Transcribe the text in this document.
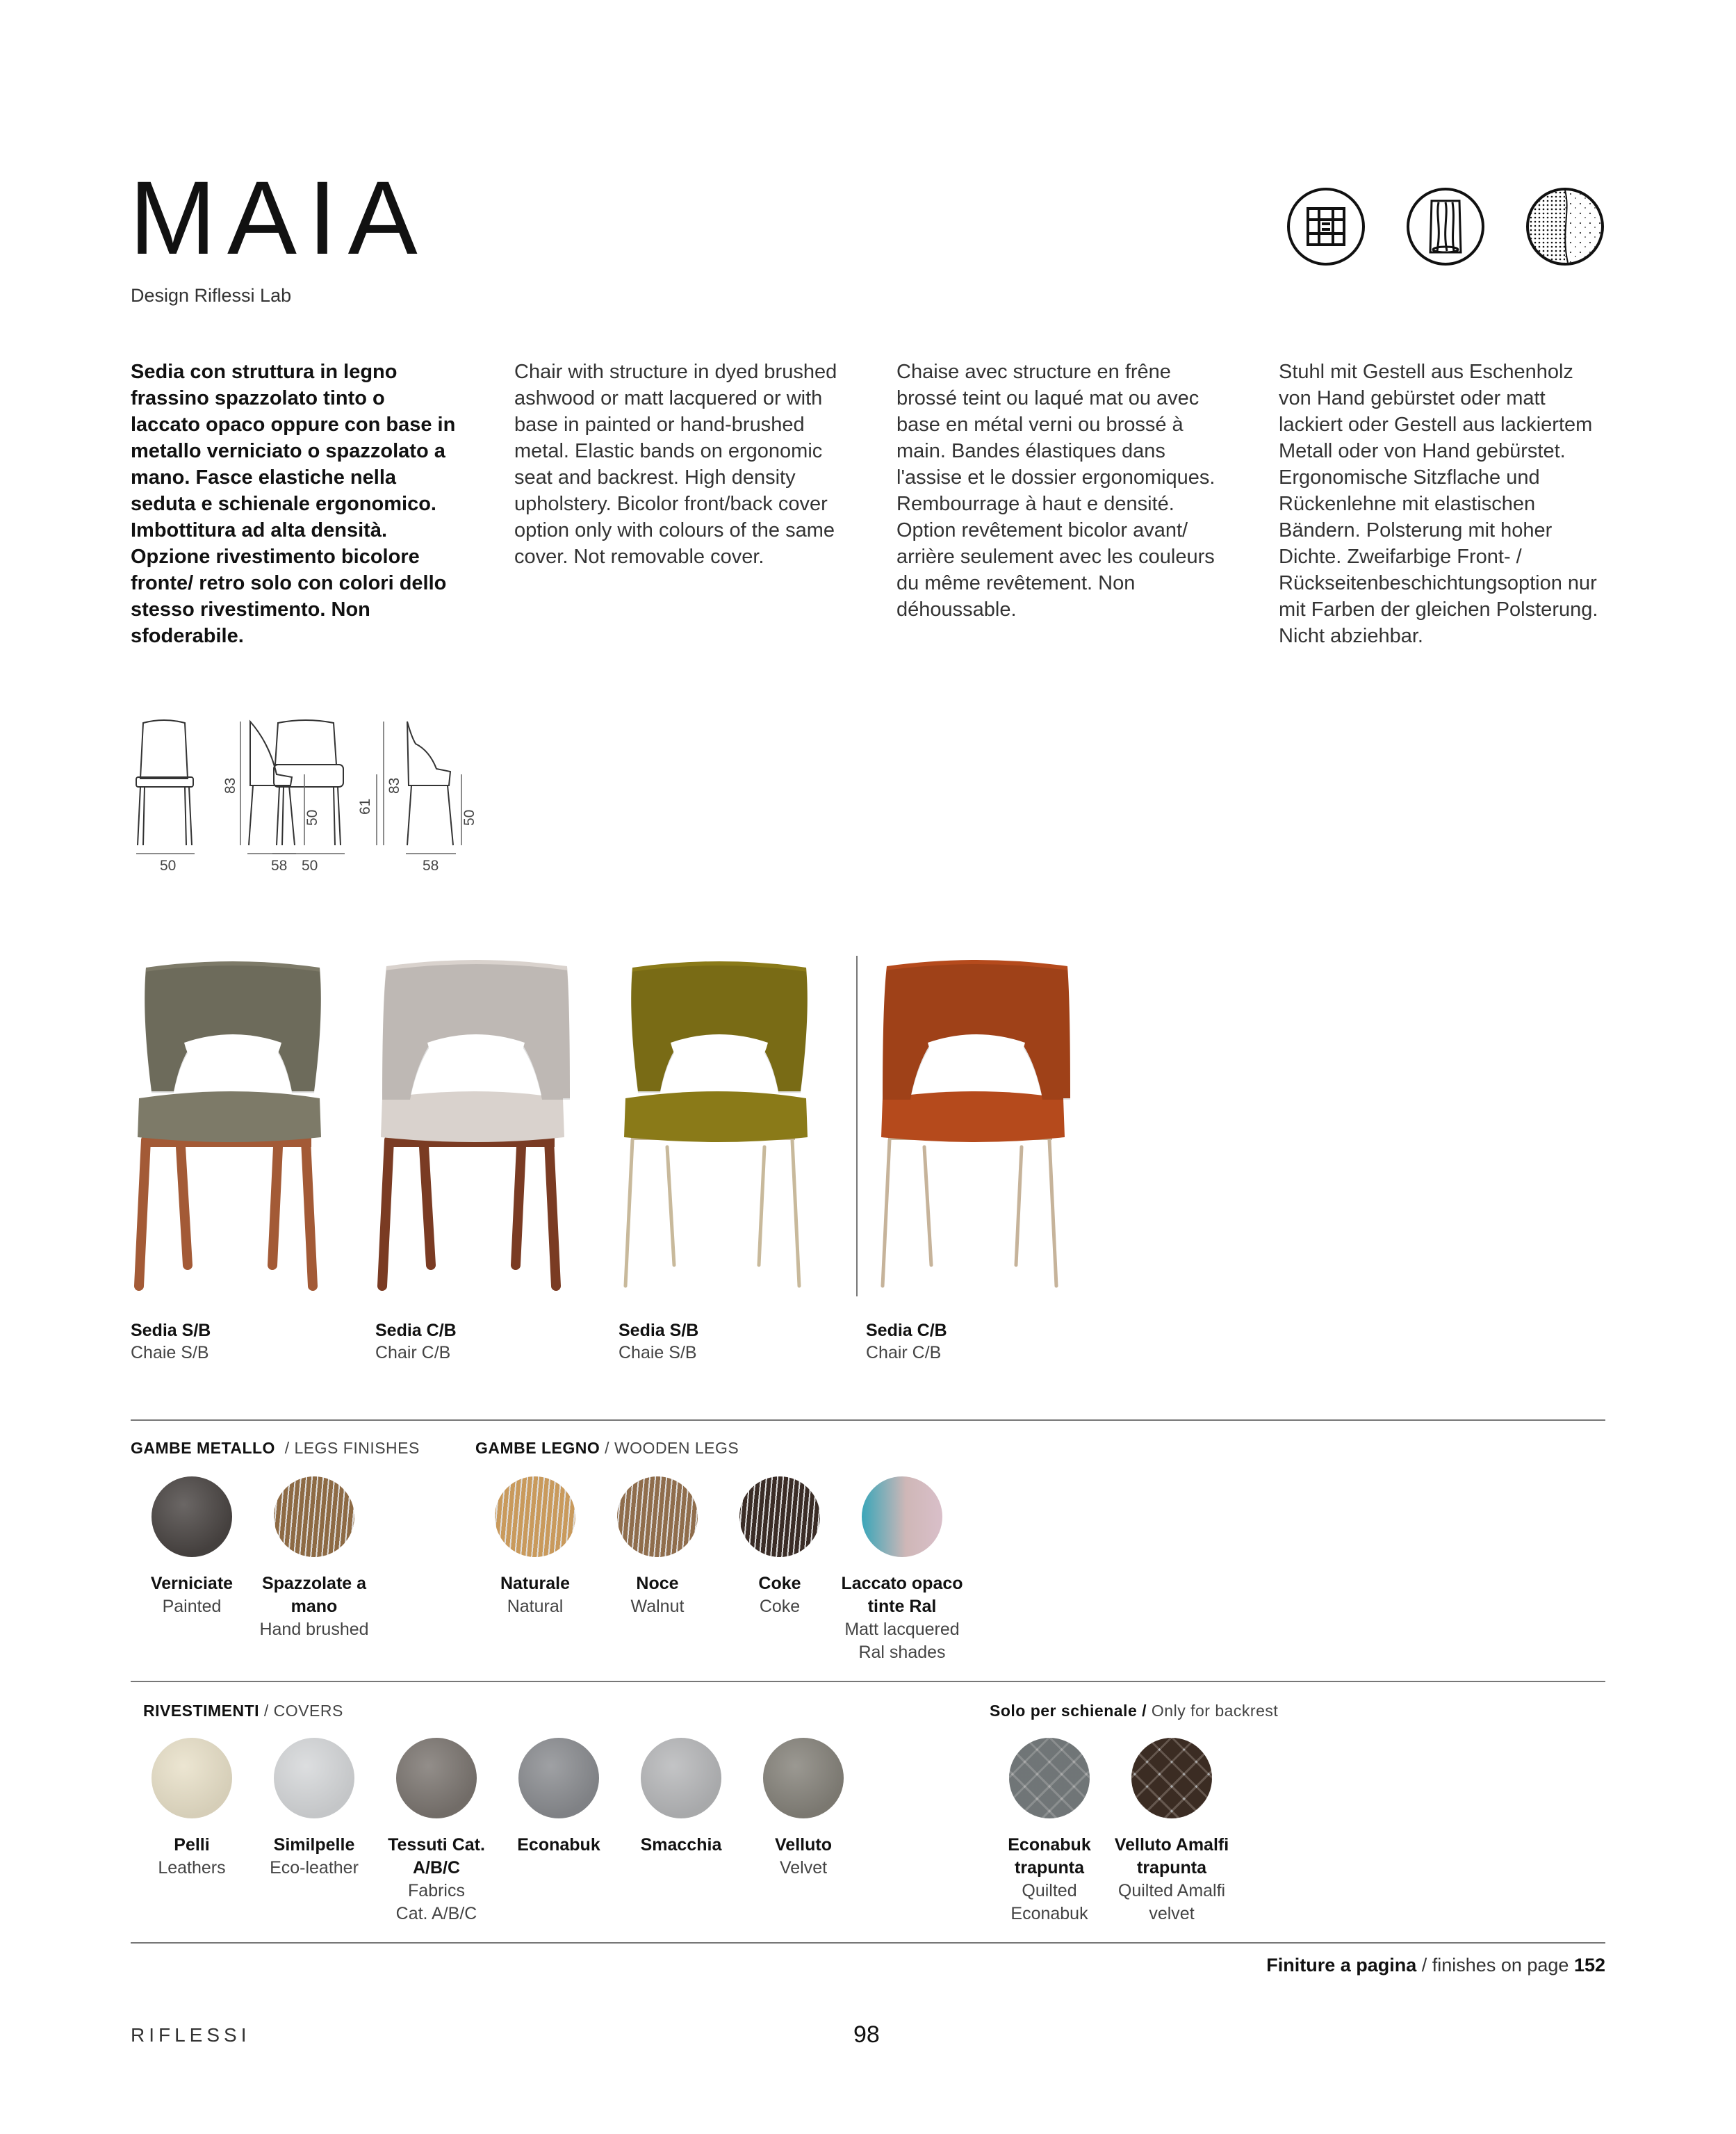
MAIA
Design Riflessi Lab
Sedia con struttura in legno frassino spazzolato tinto o laccato opaco oppure con base in metallo verniciato o spazzolato a mano. Fasce elastiche nella seduta e schienale ergonomico. Imbottitura ad alta densità. Opzione rivestimento bicolore fronte/ retro solo con colori dello stesso rivestimento. Non sfoderabile.
Chair with structure in dyed brushed ashwood or matt lacquered or with base in painted or hand-brushed metal. Elastic bands on ergonomic seat and backrest. High density upholstery. Bicolor front/back cover option only with colours of the same cover. Not removable cover.
Chaise avec structure en frêne brossé teint ou laqué mat ou avec base en métal verni ou brossé à main. Bandes élastiques dans l'assise et le dossier ergonomiques. Rembourrage à haut e densité. Option revêtement bicolor avant/ arrière seulement avec les couleurs du même revêtement. Non déhoussable.
Stuhl mit Gestell aus Eschenholz von Hand gebürstet oder matt lackiert oder Gestell aus lackiertem Metall oder von Hand gebürstet. Ergonomische Sitzflache und Rückenlehne mit elastischen Bändern. Polsterung mit hoher Dichte. Zweifarbige Front- / Rückseitenbeschichtungsoption nur mit Farben der gleichen Polsterung. Nicht abziehbar.
50	58
83
50
50
61
83
58
50
Sedia S/B
Chaie S/B
Sedia C/B
Chair C/B
Sedia S/B
Chaie S/B
Sedia C/B
Chair C/B
GAMBE METALLO / LEGS FINISHES	GAMBE LEGNO / WOODEN LEGS
Verniciate
Painted
Spazzolate a mano
Hand brushed
Naturale
Natural
Noce
Walnut
Coke
Coke
Laccato opaco tinte Ral
Matt lacquered
Ral shades
RIVESTIMENTI / COVERS	Solo per schienale / Only for backrest
Pelli
Leathers
Similpelle
Eco-leather
Tessuti Cat. A/B/C
Fabrics
Cat. A/B/C
Econabuk	Smacchia	Velluto
Velvet
Econabuk trapunta
Quilted
Econabuk
Velluto Amalfi trapunta
Quilted Amalfi
velvet
Finiture a pagina / finishes on page 152
RIFLESSI	98
